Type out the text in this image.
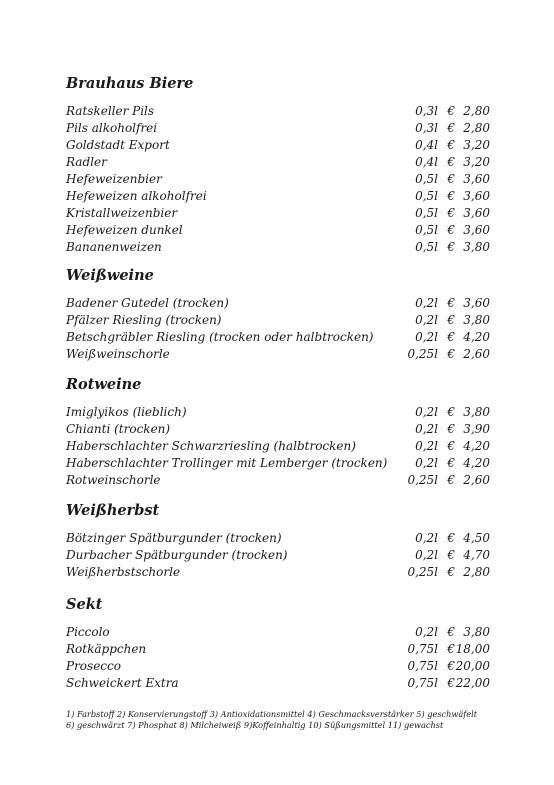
Brauhaus Biere
Ratskeller Pils	0,3l € 2,80
Pils alkoholfrei	0,3l € 2,80
Goldstadt Export	0,4l € 3,20
Radler	0,4l € 3,20
Hefeweizenbier	0,5l € 3,60
Hefeweizen alkoholfrei	0,5l € 3,60
Kristallweizenbier	0,5l € 3,60
Hefeweizen dunkel	0,5l € 3,60
Bananenweizen	0,5l € 3,80
Weißweine
Badener Gutedel (trocken)	0,2l € 3,60
Pfälzer Riesling (trocken)	0,2l € 3,80
Betschgräbler Riesling (trocken oder halbtrocken)	0,2l € 4,20
Weißweinschorle	0,25l € 2,60
Rotweine
Imiglyikos (lieblich)	0,2l € 3,80
Chianti (trocken)	0,2l € 3,90
Haberschlachter Schwarzriesling (halbtrocken)	0,2l € 4,20
Haberschlachter Trollinger mit Lemberger (trocken) 0,2l € 4,20
Rotweinschorle	0,25l € 2,60
Weißherbst
Bötzinger Spätburgunder (trocken)	0,2l € 4,50
Durbacher Spätburgunder (trocken)	0,2l € 4,70
Weißherbstschorle	0,25l € 2,80
Sekt
Piccolo	0,2l € 3,80
Rotkäppchen	0,75l € 18,00
Prosecco	0,75l € 20,00
Schweickert Extra	0,75l € 22,00
1) Farbstoff 2) Konservierungstoff 3) Antioxidationsmittel 4) Geschmacksverstärker 5) geschwäfelt
6) geschwärzt 7) Phosphat 8) Milcheiweiß 9)Koffeinhaltig 10) Süßungsmittel 11) gewachst
